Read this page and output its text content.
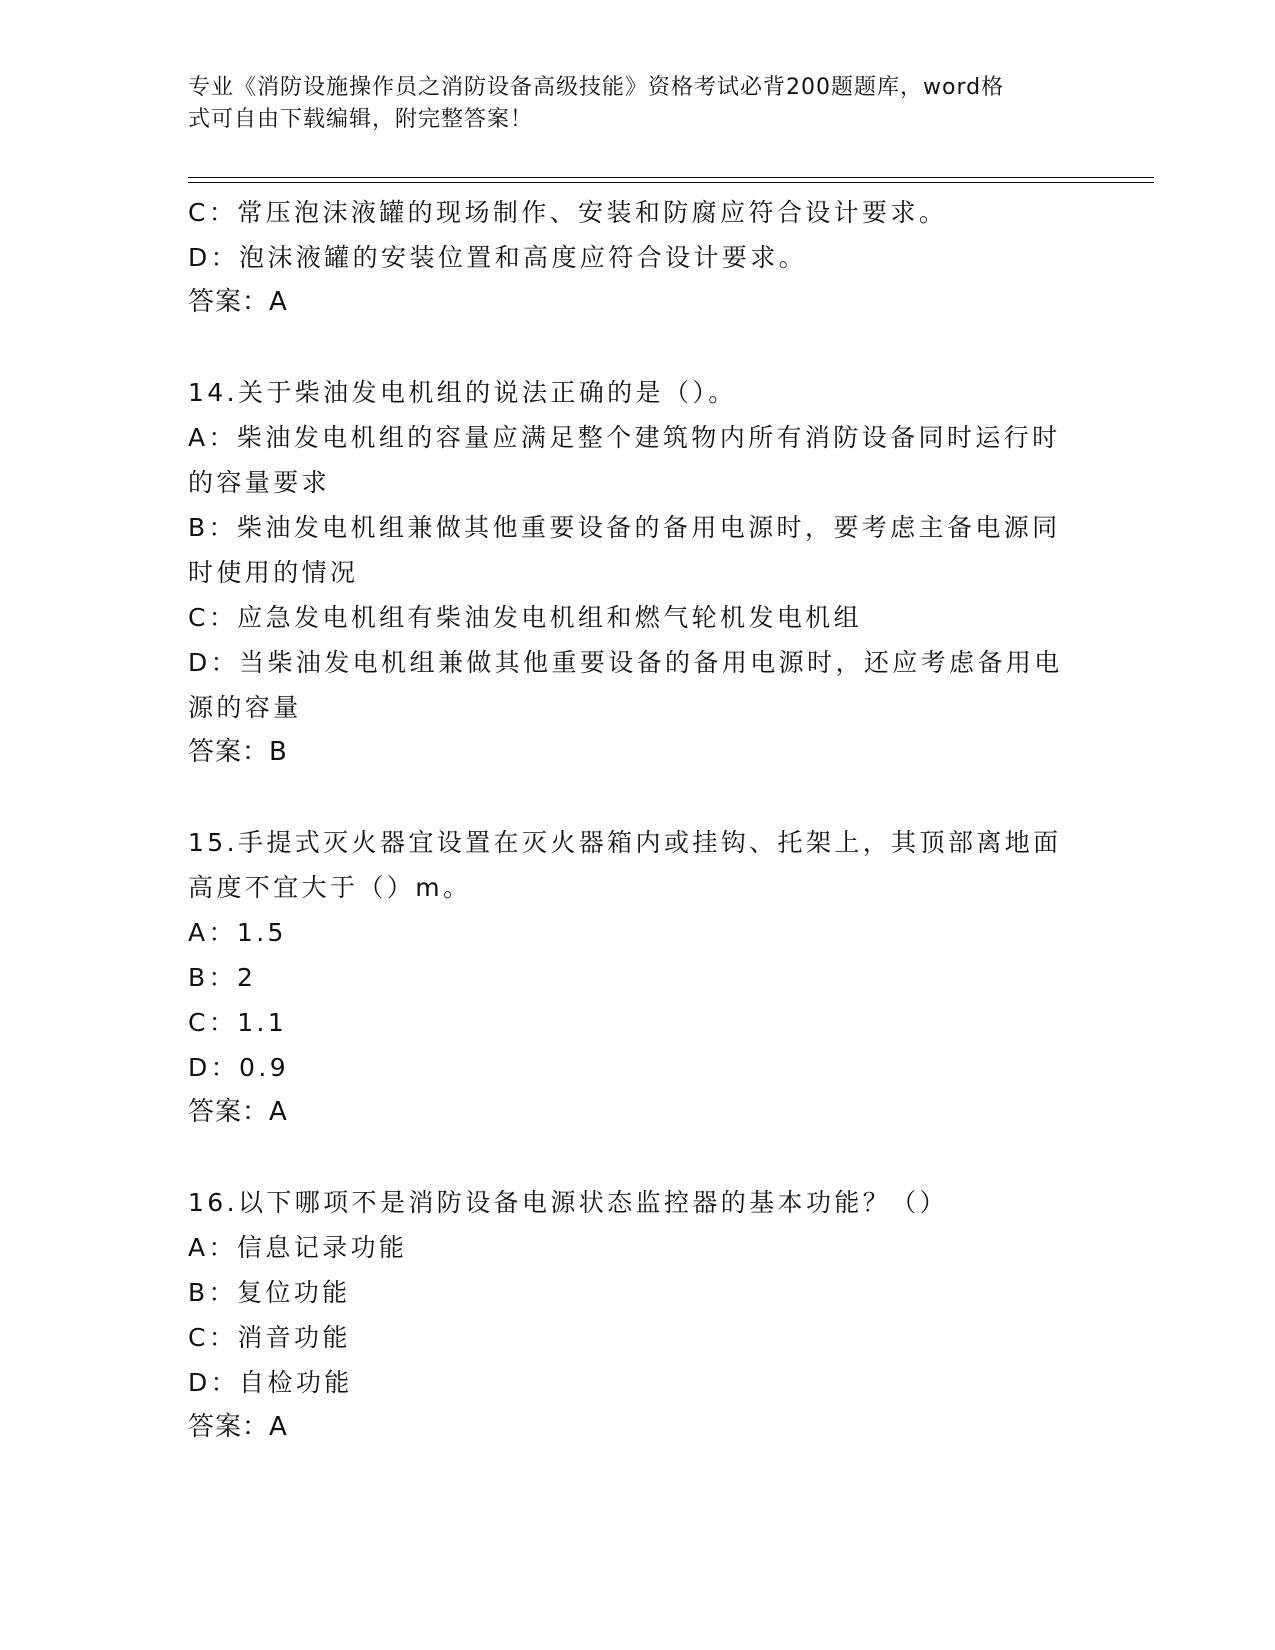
专业《消防设施操作员之消防设备高级技能》资格考试必背200题题库，word格
式可自由下载编辑，附完整答案！
C：常压泡沫液罐的现场制作、安装和防腐应符合设计要求。
D：泡沫液罐的安装位置和高度应符合设计要求。
答案：A
14.关于柴油发电机组的说法正确的是（）。
A：柴油发电机组的容量应满足整个建筑物内所有消防设备同时运行时
的容量要求
B：柴油发电机组兼做其他重要设备的备用电源时，要考虑主备电源同
时使用的情况
C：应急发电机组有柴油发电机组和燃气轮机发电机组
D：当柴油发电机组兼做其他重要设备的备用电源时，还应考虑备用电
源的容量
答案：B
15.手提式灭火器宜设置在灭火器箱内或挂钩、托架上，其顶部离地面
高度不宜大于（）m。
A：1.5
B：2
C：1.1
D：0.9
答案：A
16.以下哪项不是消防设备电源状态监控器的基本功能？（）
A：信息记录功能
B：复位功能
C：消音功能
D：自检功能
答案：A
